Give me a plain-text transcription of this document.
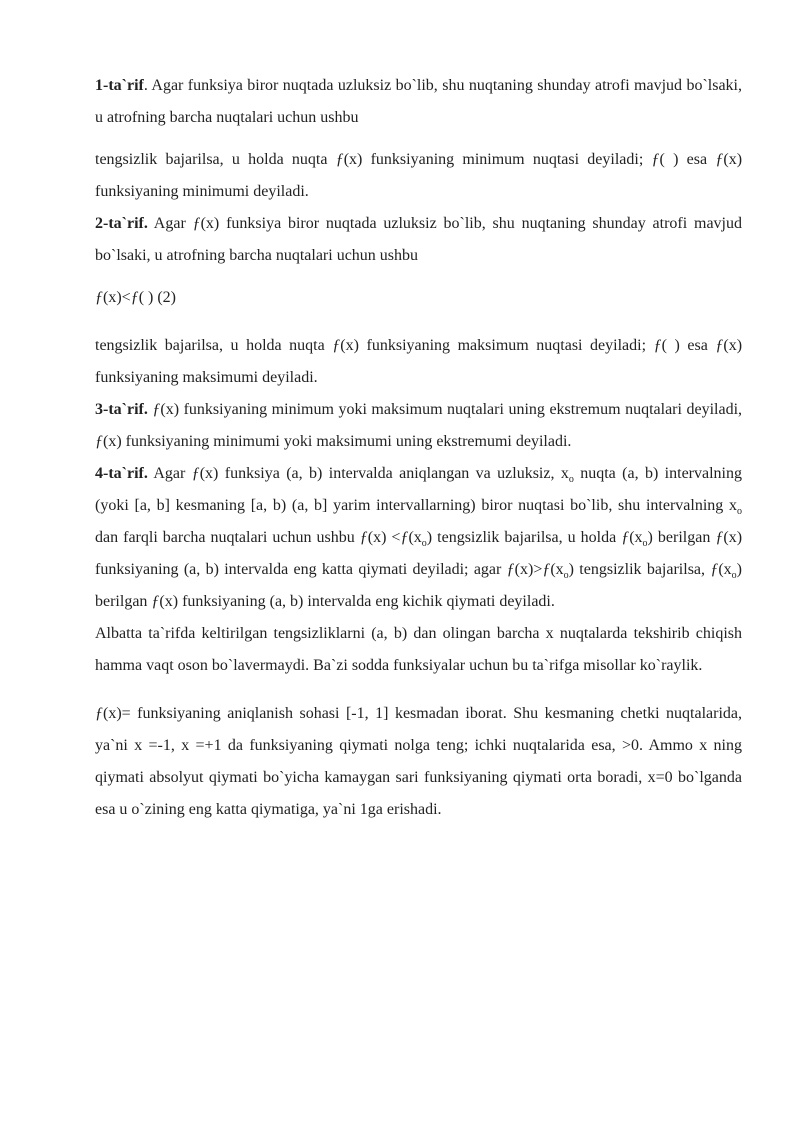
1-ta`rif. Agar funksiya biror nuqtada uzluksiz bo`lib, shu nuqtaning shunday atrofi mavjud bo`lsaki, u atrofning barcha nuqtalari uchun ushbu
tengsizlik bajarilsa, u holda nuqta ƒ(x) funksiyaning minimum nuqtasi deyiladi; ƒ( ) esa ƒ(x) funksiyaning minimumi deyiladi.
2-ta`rif. Agar ƒ(x) funksiya biror nuqtada uzluksiz bo`lib, shu nuqtaning shunday atrofi mavjud bo`lsaki, u atrofning barcha nuqtalari uchun ushbu
ƒ(x)<ƒ( ) (2)
tengsizlik bajarilsa, u holda nuqta ƒ(x) funksiyaning maksimum nuqtasi deyiladi; ƒ( ) esa ƒ(x) funksiyaning maksimumi deyiladi.
3-ta`rif. ƒ(x) funksiyaning minimum yoki maksimum nuqtalari uning ekstremum nuqtalari deyiladi, ƒ(x) funksiyaning minimumi yoki maksimumi uning ekstremumi deyiladi.
4-ta`rif. Agar ƒ(x) funksiya (a, b) intervalda aniqlangan va uzluksiz, $x_o$ nuqta (a, b) intervalning (yoki [a, b] kesmaning [a, b) (a, b] yarim intervallarning) biror nuqtasi bo`lib, shu intervalning $x_o$ dan farqli barcha nuqtalari uchun ushbu ƒ(x) $<ƒ(x_o)$ tengsizlik bajarilsa, u holda $ƒ(x_o)$ berilgan ƒ(x) funksiyaning (a, b) intervalda eng katta qiymati deyiladi; agar $ƒ(x)>ƒ(x_o)$ tengsizlik bajarilsa, $ƒ(x_o)$ berilgan ƒ(x) funksiyaning (a, b) intervalda eng kichik qiymati deyiladi.
Albatta ta`rifda keltirilgan tengsizliklarni (a, b) dan olingan barcha x nuqtalarda tekshirib chiqish hamma vaqt oson bo`lavermaydi. Ba`zi sodda funksiyalar uchun bu ta`rifga misollar ko`raylik.
ƒ(x)= funksiyaning aniqlanish sohasi [-1, 1] kesmadan iborat. Shu kesmaning chetki nuqtalarida, ya`ni x =-1, x =+1 da funksiyaning qiymati nolga teng; ichki nuqtalarida esa, >0. Ammo x ning qiymati absolyut qiymati bo`yicha kamaygan sari funksiyaning qiymati orta boradi, x=0 bo`lganda esa u o`zining eng katta qiymatiga, ya`ni 1ga erishadi.
